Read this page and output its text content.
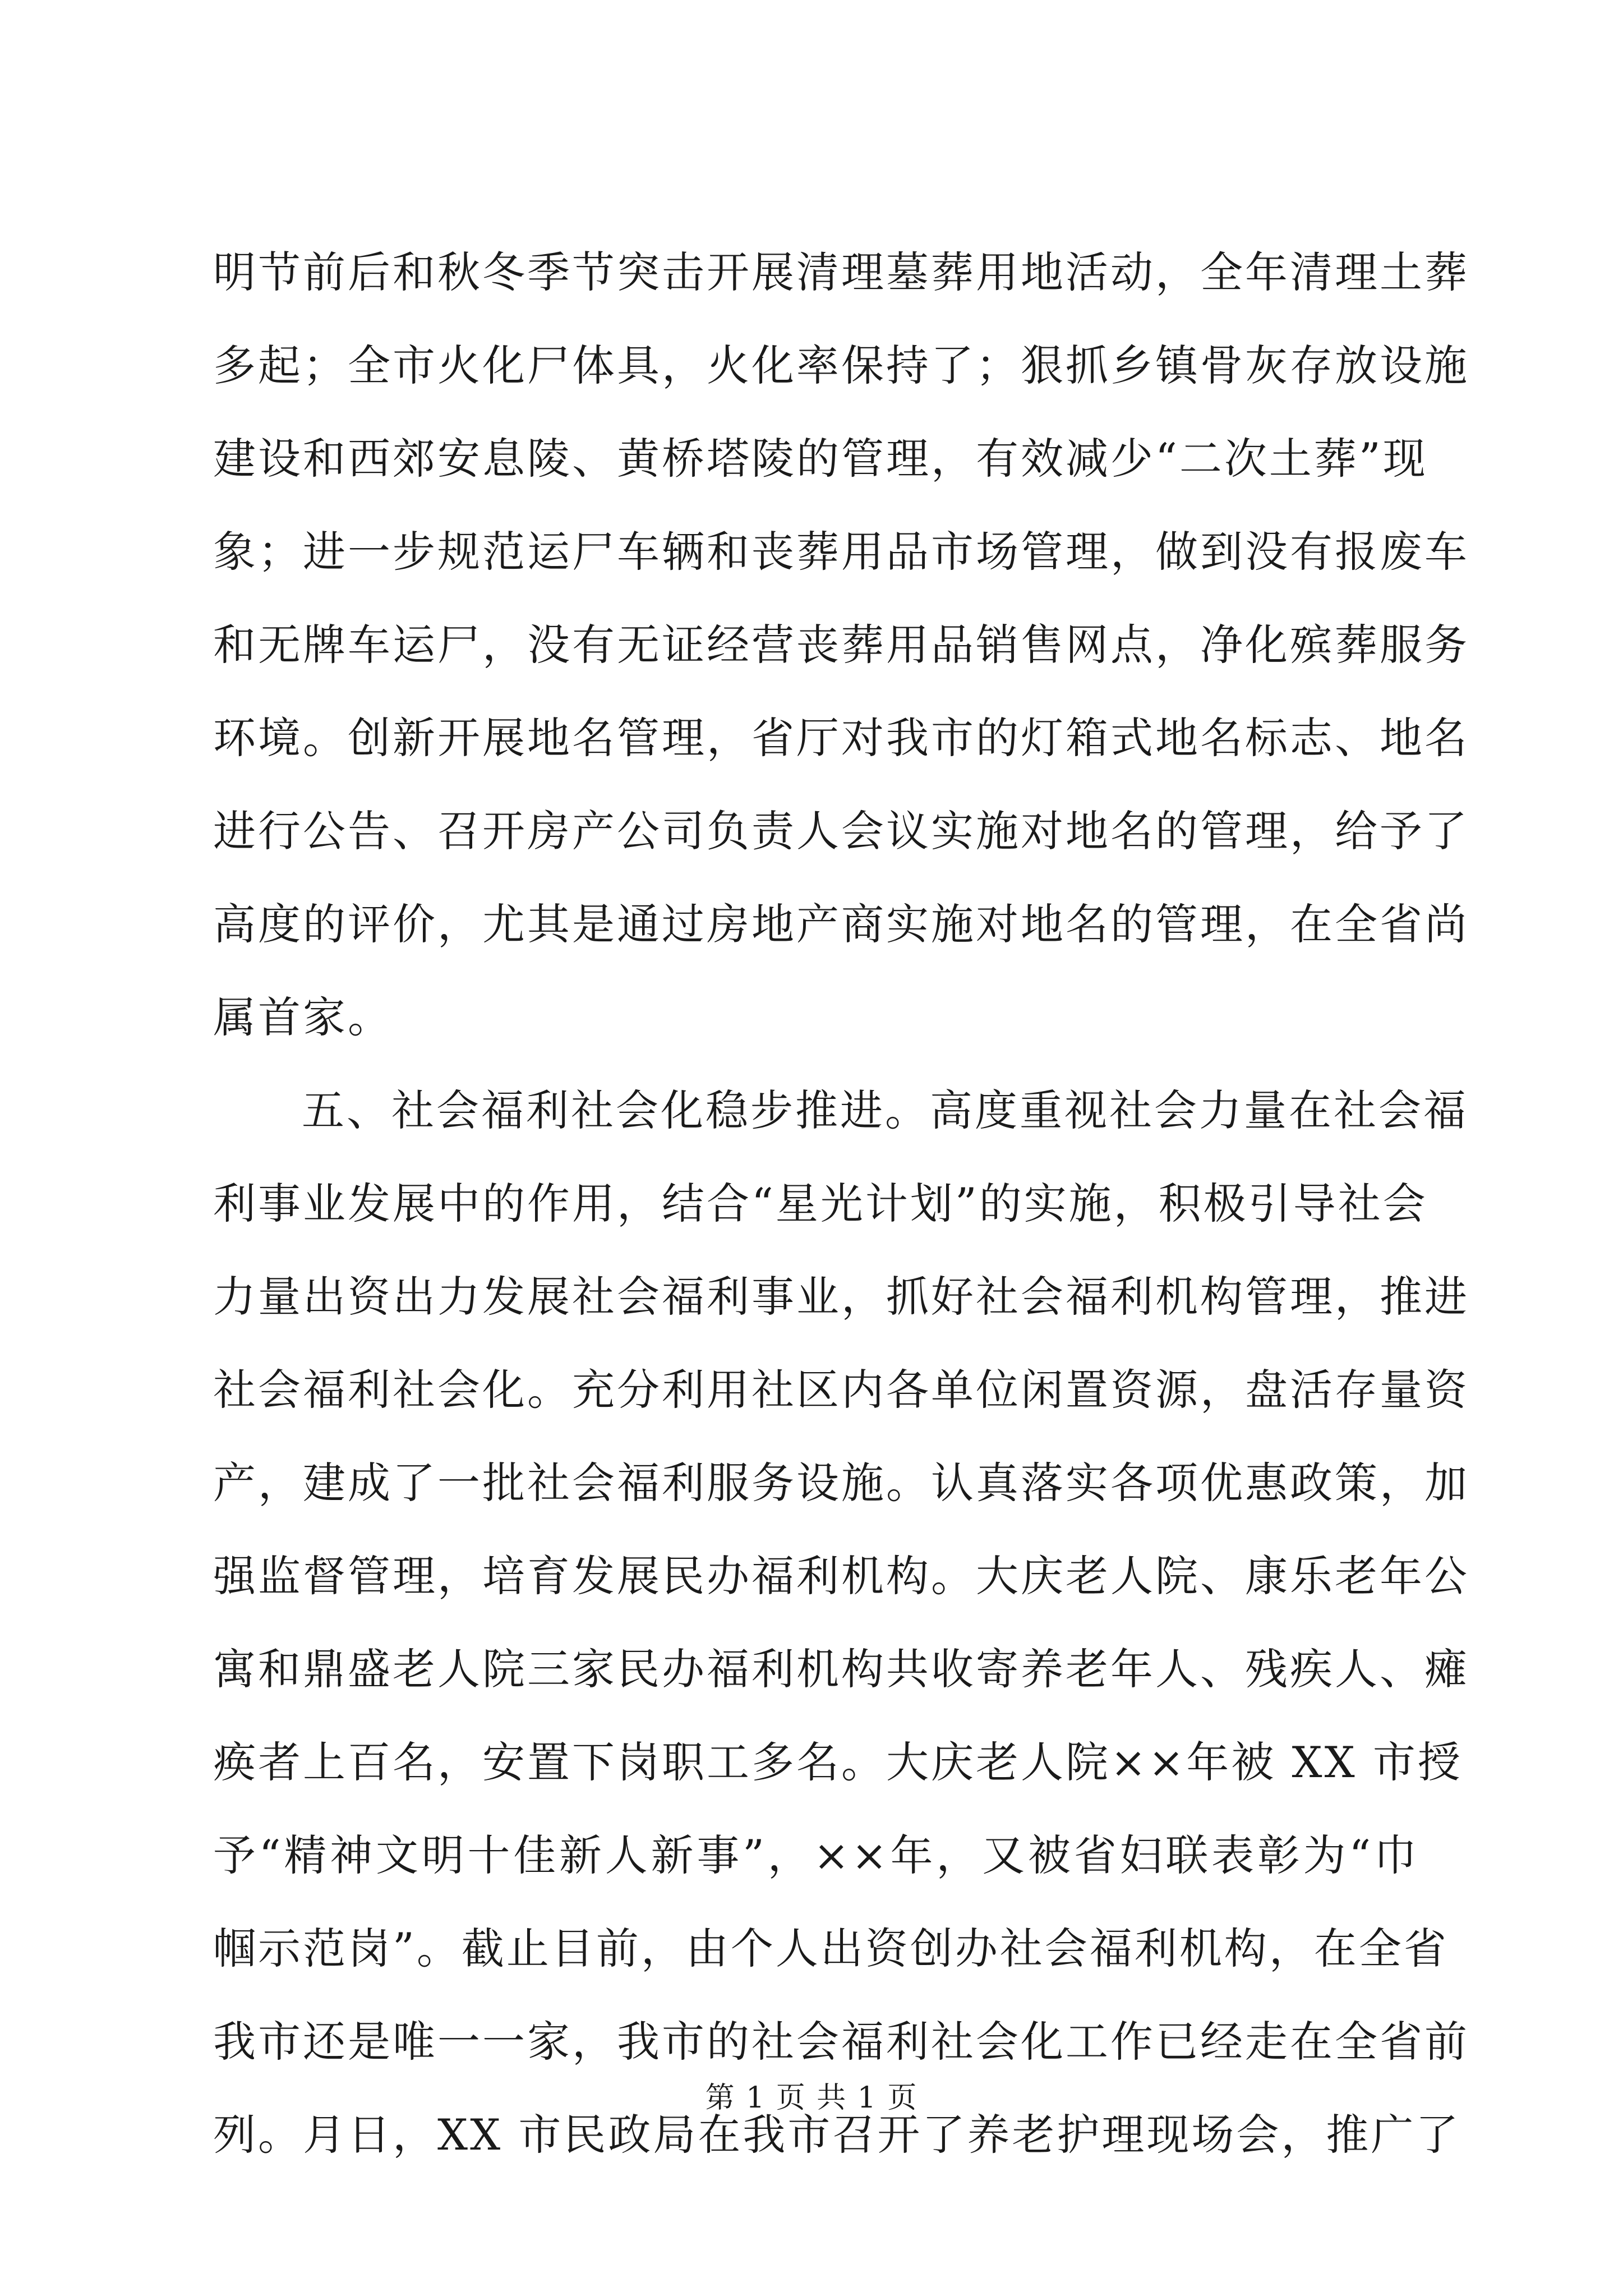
明节前后和秋冬季节突击开展清理墓葬用地活动，全年清理土葬
多起；全市火化尸体具，火化率保持了；狠抓乡镇骨灰存放设施
建设和西郊安息陵、黄桥塔陵的管理，有效减少“二次土葬”现
象；进一步规范运尸车辆和丧葬用品市场管理，做到没有报废车
和无牌车运尸，没有无证经营丧葬用品销售网点，净化殡葬服务
环境。创新开展地名管理，省厅对我市的灯箱式地名标志、地名
进行公告、召开房产公司负责人会议实施对地名的管理，给予了
高度的评价，尤其是通过房地产商实施对地名的管理，在全省尚
属首家。
五、社会福利社会化稳步推进。高度重视社会力量在社会福
利事业发展中的作用，结合“星光计划”的实施，积极引导社会
力量出资出力发展社会福利事业，抓好社会福利机构管理，推进
社会福利社会化。充分利用社区内各单位闲置资源，盘活存量资
产，建成了一批社会福利服务设施。认真落实各项优惠政策，加
强监督管理，培育发展民办福利机构。大庆老人院、康乐老年公
寓和鼎盛老人院三家民办福利机构共收寄养老年人、残疾人、瘫
痪者上百名，安置下岗职工多名。大庆老人院××年被 XX 市授
予“精神文明十佳新人新事”，××年，又被省妇联表彰为“巾
帼示范岗”。截止目前，由个人出资创办社会福利机构，在全省
我市还是唯一一家，我市的社会福利社会化工作已经走在全省前
列。月日，XX 市民政局在我市召开了养老护理现场会，推广了
第 1 页 共 1 页
